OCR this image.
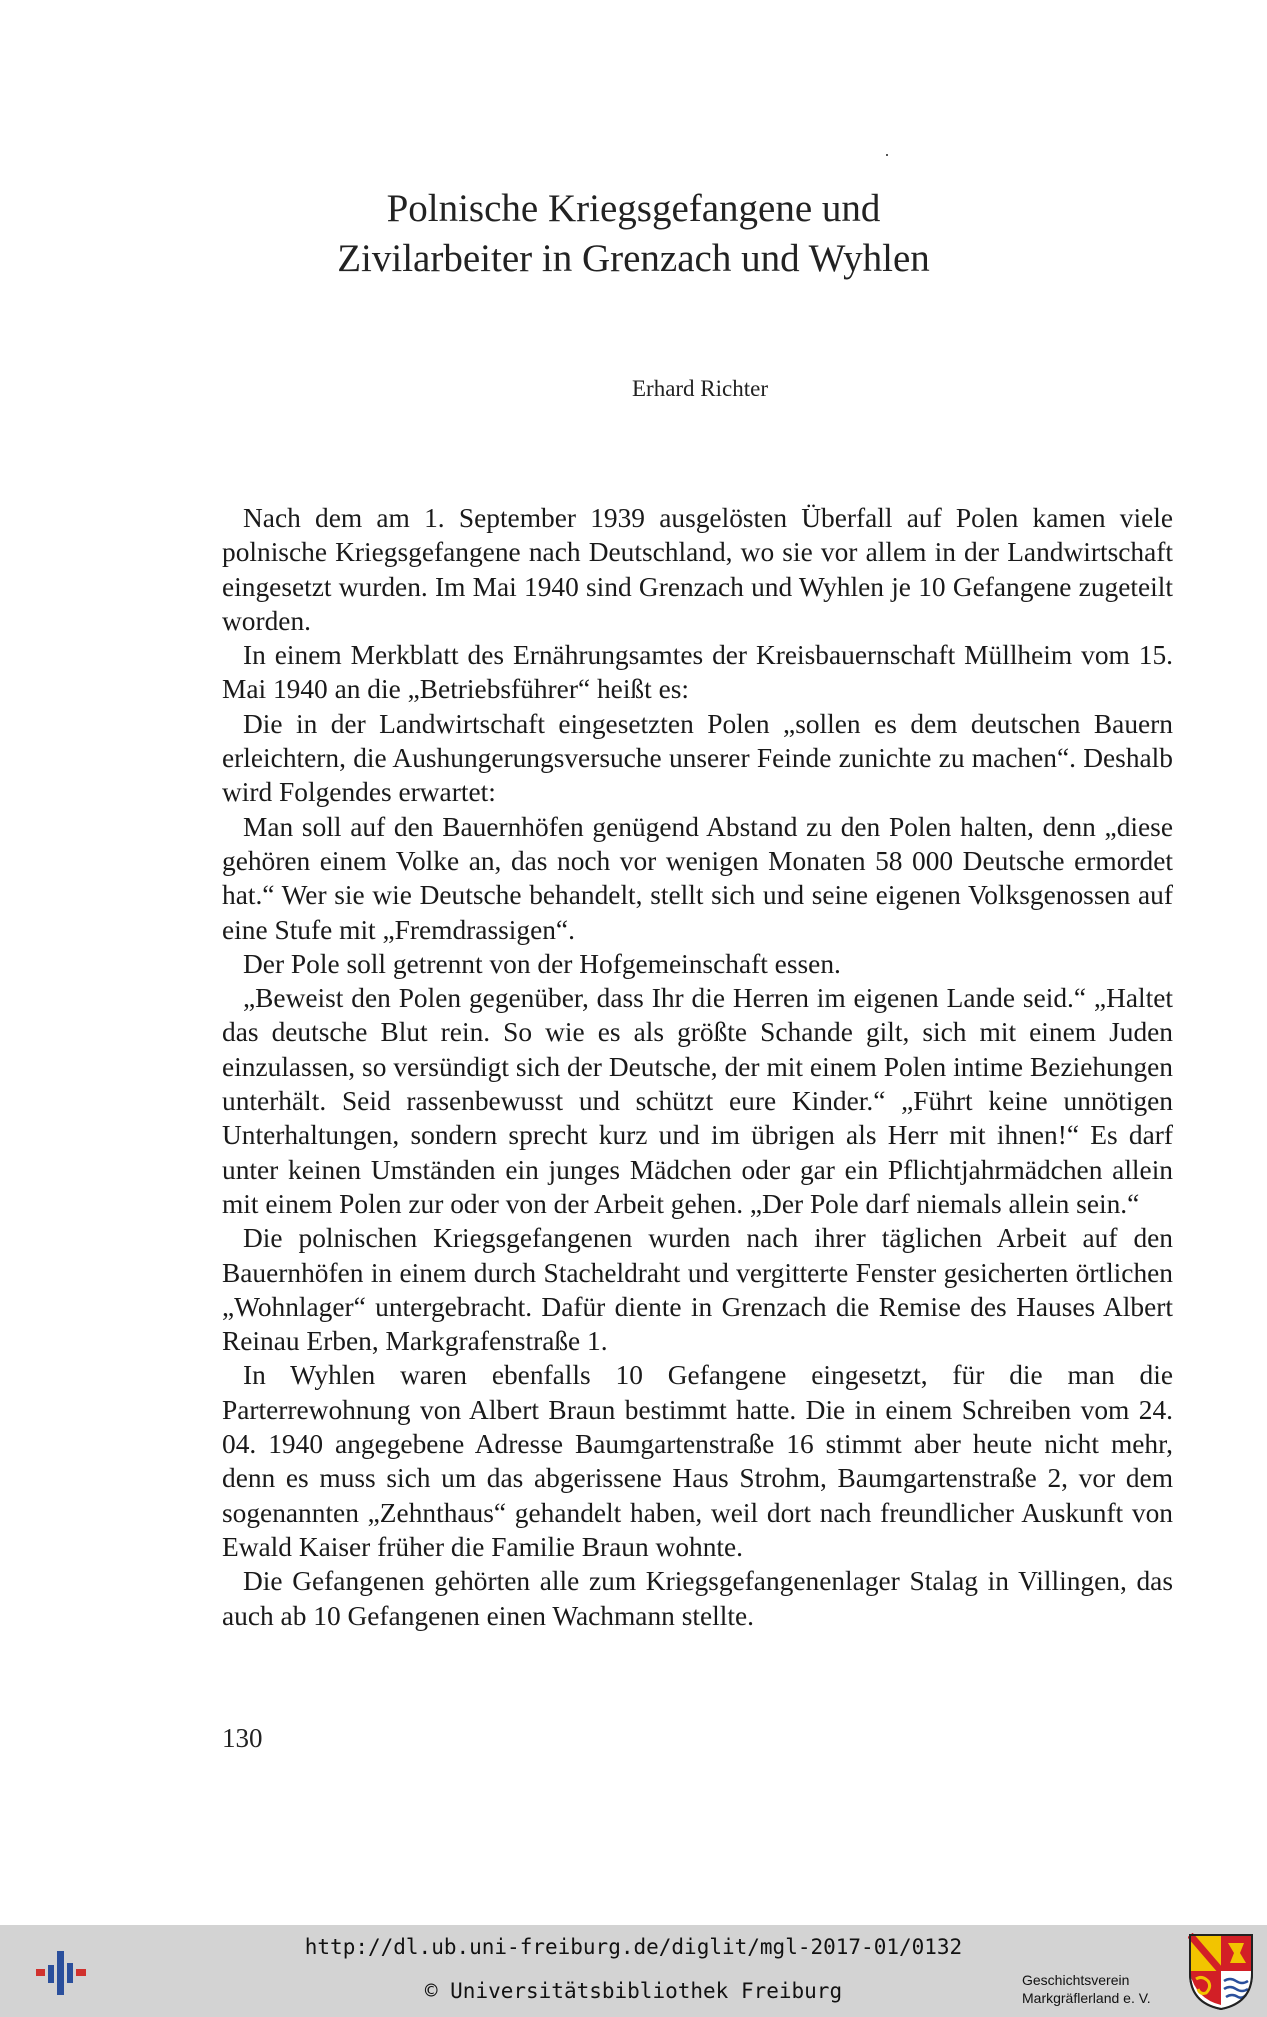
Polnische Kriegsgefangene und
Zivilarbeiter in Grenzach und Wyhlen
Erhard Richter

Nach dem am 1. September 1939 ausgelösten Überfall auf Polen kamen viele polnische Kriegsgefangene nach Deutschland, wo sie vor allem in der Landwirtschaft eingesetzt wurden. Im Mai 1940 sind Grenzach und Wyhlen je 10 Gefangene zugeteilt worden.

In einem Merkblatt des Ernährungsamtes der Kreisbauernschaft Müllheim vom 15. Mai 1940 an die „Betriebsführer“ heißt es:

Die in der Landwirtschaft eingesetzten Polen „sollen es dem deutschen Bauern erleichtern, die Aushungerungsversuche unserer Feinde zunichte zu machen“. Deshalb wird Folgendes erwartet:

Man soll auf den Bauernhöfen genügend Abstand zu den Polen halten, denn „diese gehören einem Volke an, das noch vor wenigen Monaten 58 000 Deutsche ermordet hat.“ Wer sie wie Deutsche behandelt, stellt sich und seine eigenen Volksgenossen auf eine Stufe mit „Fremdrassigen“.

Der Pole soll getrennt von der Hofgemeinschaft essen.

„Beweist den Polen gegenüber, dass Ihr die Herren im eigenen Lande seid.“ „Haltet das deutsche Blut rein. So wie es als größte Schande gilt, sich mit einem Juden einzulassen, so versündigt sich der Deutsche, der mit einem Polen intime Beziehungen unterhält. Seid rassenbewusst und schützt eure Kinder.“ „Führt keine unnötigen Unterhaltungen, sondern sprecht kurz und im übrigen als Herr mit ihnen!“ Es darf unter keinen Umständen ein junges Mädchen oder gar ein Pflichtjahrmädchen allein mit einem Polen zur oder von der Arbeit gehen. „Der Pole darf niemals allein sein.“

Die polnischen Kriegsgefangenen wurden nach ihrer täglichen Arbeit auf den Bauernhöfen in einem durch Stacheldraht und vergitterte Fenster gesicherten örtlichen „Wohnlager“ untergebracht. Dafür diente in Grenzach die Remise des Hauses Albert Reinau Erben, Markgrafenstraße 1.

In Wyhlen waren ebenfalls 10 Gefangene eingesetzt, für die man die Parterrewohnung von Albert Braun bestimmt hatte. Die in einem Schreiben vom 24. 04. 1940 angegebene Adresse Baumgartenstraße 16 stimmt aber heute nicht mehr, denn es muss sich um das abgerissene Haus Strohm, Baumgartenstraße 2, vor dem sogenannten „Zehnthaus“ gehandelt haben, weil dort nach freundlicher Auskunft von Ewald Kaiser früher die Familie Braun wohnte.

Die Gefangenen gehörten alle zum Kriegsgefangenenlager Stalag in Villingen, das auch ab 10 Gefangenen einen Wachmann stellte.

130
http://dl.ub.uni-freiburg.de/diglit/mgl-2017-01/0132
© Universitätsbibliothek Freiburg	Geschichtsverein
Markgräflerland e. V.
